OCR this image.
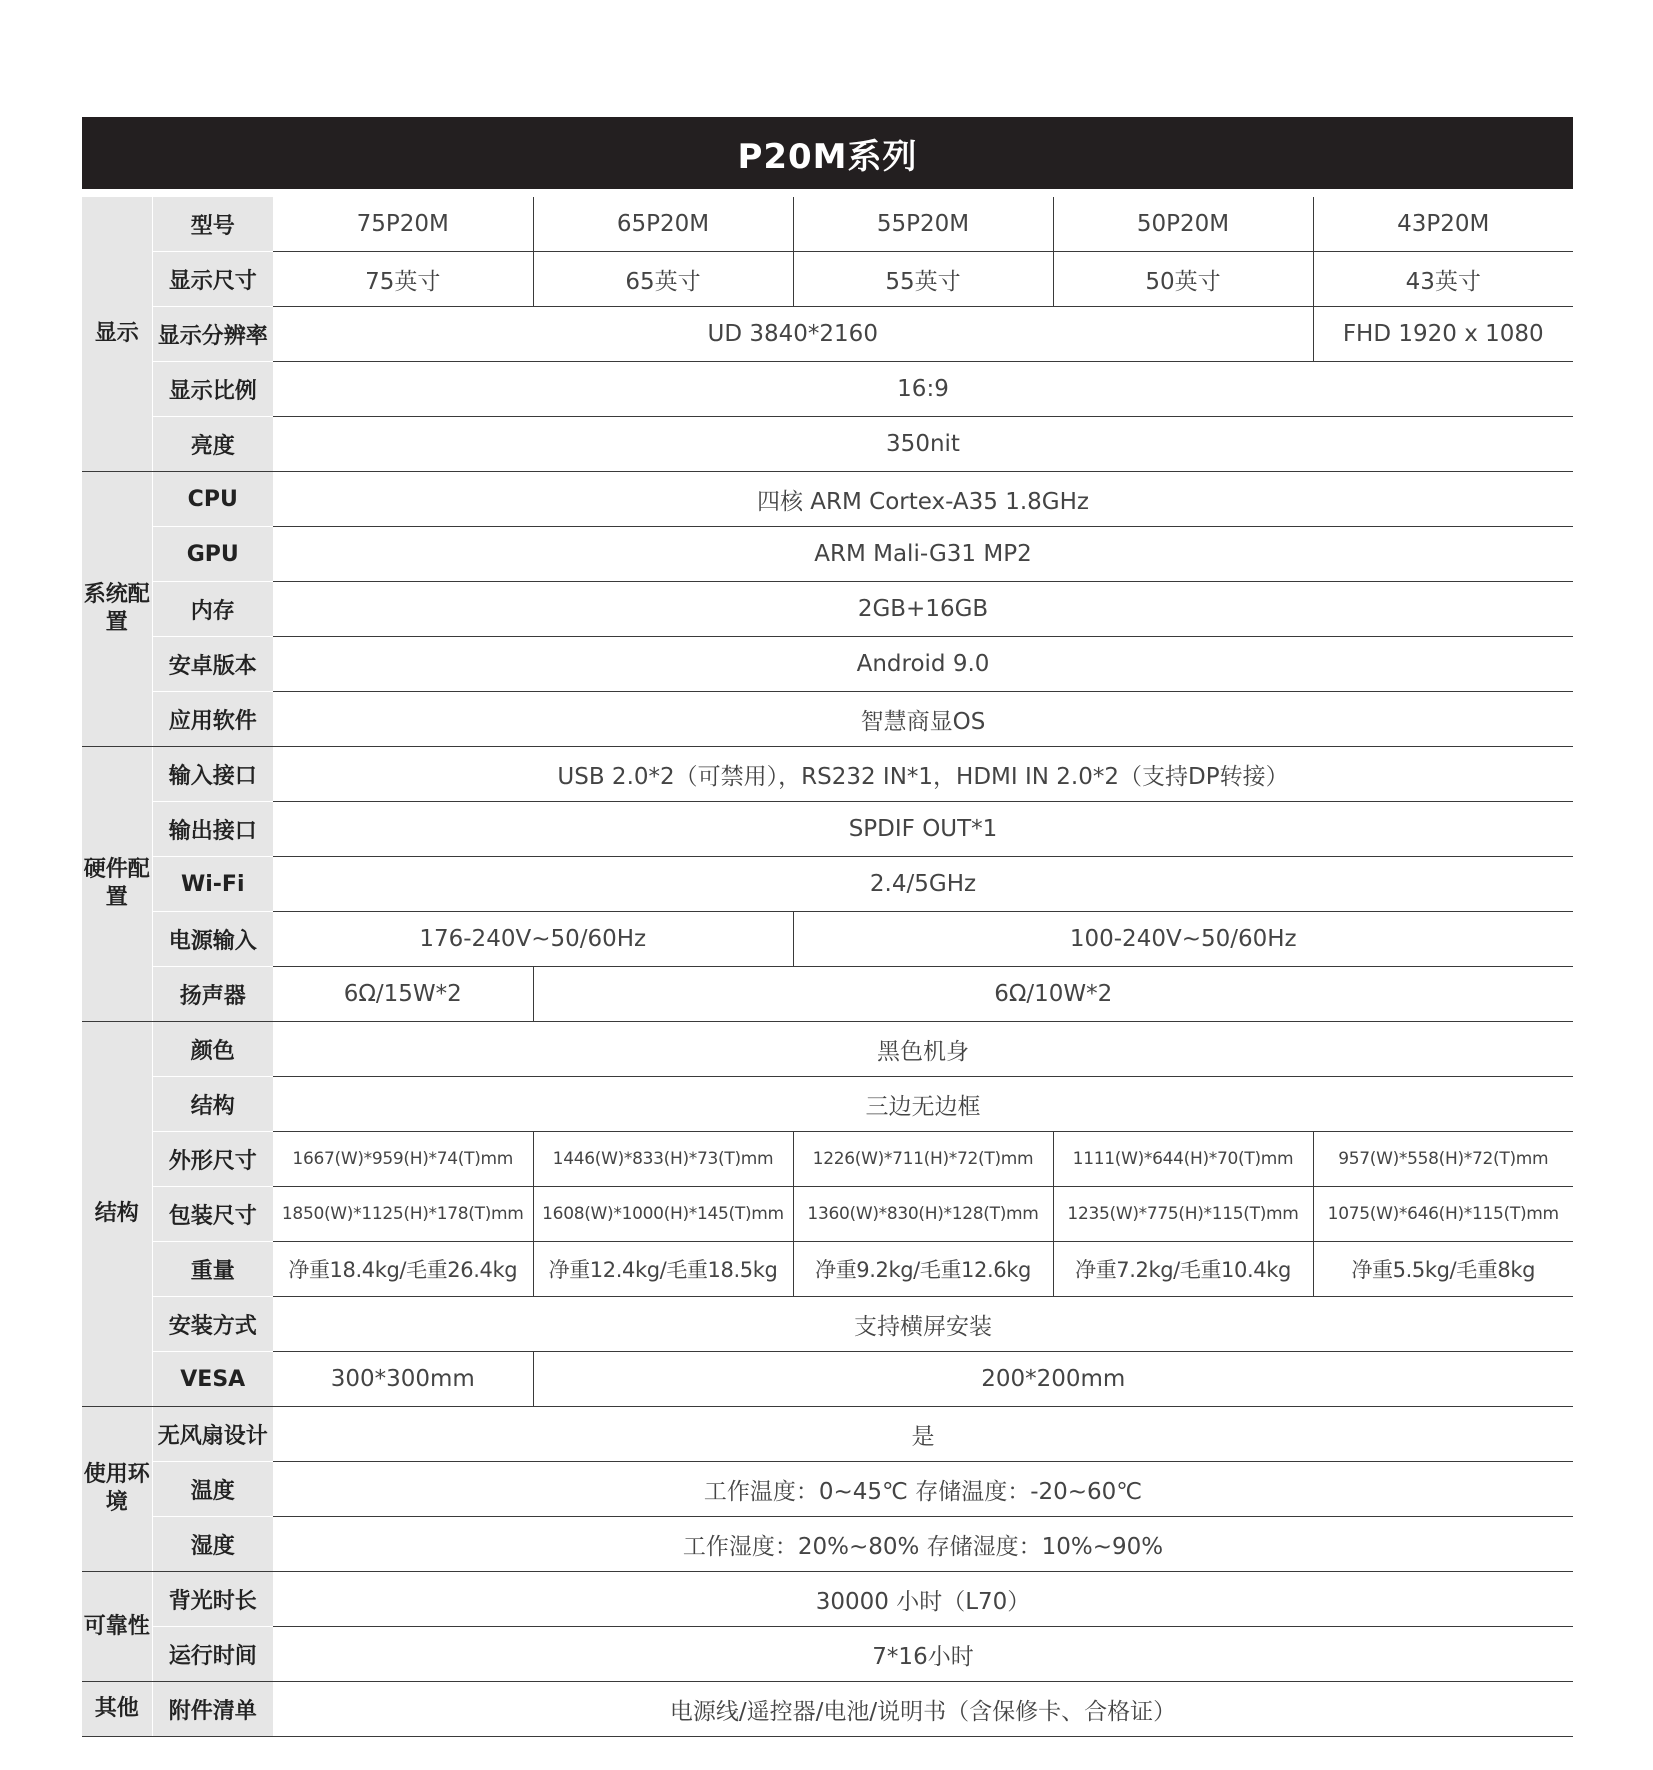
P20M系列
显示	型号	75P20M	65P20M	55P20M	50P20M	43P20M
	显示尺寸	75英寸	65英寸	55英寸	50英寸	43英寸
	显示分辨率	UD 3840*2160				FHD 1920 x 1080
	显示比例	16:9				
	亮度	350nit				
系统配置	CPU	四核 ARM Cortex-A35 1.8GHz				
	GPU	ARM Mali-G31 MP2				
	内存	2GB+16GB				
	安卓版本	Android 9.0				
	应用软件	智慧商显OS				
硬件配置	输入接口	USB 2.0*2（可禁用），RS232 IN*1，HDMI IN 2.0*2（支持DP转接）				
	输出接口	SPDIF OUT*1				
	Wi-Fi	2.4/5GHz				
	电源输入	176-240V~50/60Hz		100-240V~50/60Hz		
	扬声器	6Ω/15W*2	6Ω/10W*2			
结构	颜色	黑色机身				
	结构	三边无边框				
	外形尺寸	1667(W)*959(H)*74(T)mm	1446(W)*833(H)*73(T)mm	1226(W)*711(H)*72(T)mm	1111(W)*644(H)*70(T)mm	957(W)*558(H)*72(T)mm
	包装尺寸	1850(W)*1125(H)*178(T)mm	1608(W)*1000(H)*145(T)mm	1360(W)*830(H)*128(T)mm	1235(W)*775(H)*115(T)mm	1075(W)*646(H)*115(T)mm
	重量	净重18.4kg/毛重26.4kg	净重12.4kg/毛重18.5kg	净重9.2kg/毛重12.6kg	净重7.2kg/毛重10.4kg	净重5.5kg/毛重8kg
	安装方式	支持横屏安装				
	VESA	300*300mm	200*200mm			
使用环境	无风扇设计	是				
	温度	工作温度：0~45℃ 存储温度：-20~60℃				
	湿度	工作湿度：20%~80% 存储湿度：10%~90%				
可靠性	背光时长	30000 小时（L70）				
	运行时间	7*16小时				
其他	附件清单	电源线/遥控器/电池/说明书（含保修卡、合格证）				
